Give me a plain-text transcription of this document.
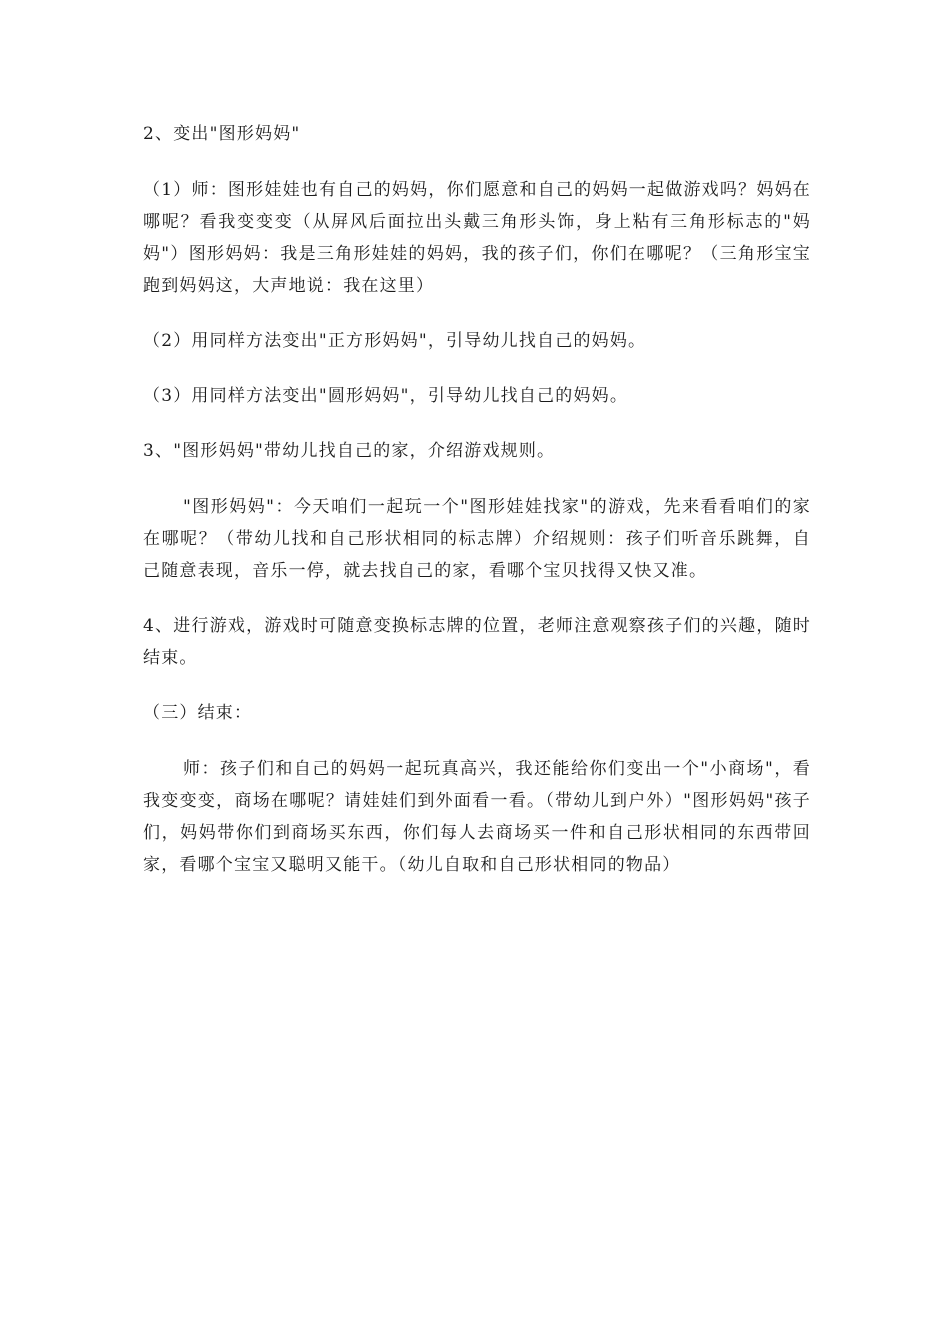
2、变出"图形妈妈"

（1）师：图形娃娃也有自己的妈妈，你们愿意和自己的妈妈一起做游戏吗？妈妈在哪呢？看我变变变（从屏风后面拉出头戴三角形头饰，身上粘有三角形标志的"妈妈"）图形妈妈：我是三角形娃娃的妈妈，我的孩子们，你们在哪呢？（三角形宝宝跑到妈妈这，大声地说：我在这里）

（2）用同样方法变出"正方形妈妈"，引导幼儿找自己的妈妈。

（3）用同样方法变出"圆形妈妈"，引导幼儿找自己的妈妈。

3、"图形妈妈"带幼儿找自己的家，介绍游戏规则。

"图形妈妈"：今天咱们一起玩一个"图形娃娃找家"的游戏，先来看看咱们的家在哪呢？（带幼儿找和自己形状相同的标志牌）介绍规则：孩子们听音乐跳舞，自己随意表现，音乐一停，就去找自己的家，看哪个宝贝找得又快又准。

4、进行游戏，游戏时可随意变换标志牌的位置，老师注意观察孩子们的兴趣，随时结束。

（三）结束：

师：孩子们和自己的妈妈一起玩真高兴，我还能给你们变出一个"小商场"，看我变变变，商场在哪呢？请娃娃们到外面看一看。（带幼儿到户外）"图形妈妈"孩子们，妈妈带你们到商场买东西，你们每人去商场买一件和自己形状相同的东西带回家，看哪个宝宝又聪明又能干。（幼儿自取和自己形状相同的物品）
